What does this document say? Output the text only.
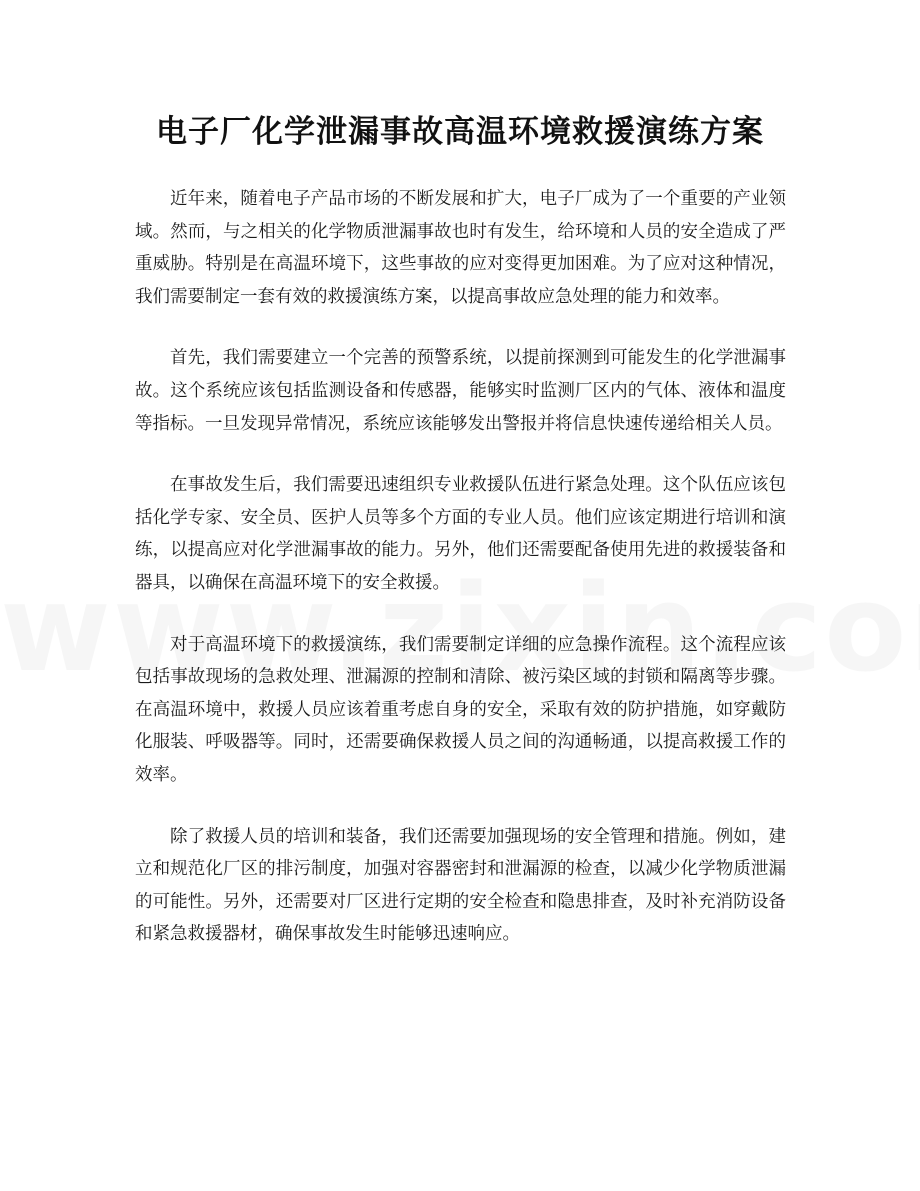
电子厂化学泄漏事故高温环境救援演练方案

近年来，随着电子产品市场的不断发展和扩大，电子厂成为了一个重要的产业领域。然而，与之相关的化学物质泄漏事故也时有发生，给环境和人员的安全造成了严重威胁。特别是在高温环境下，这些事故的应对变得更加困难。为了应对这种情况，我们需要制定一套有效的救援演练方案，以提高事故应急处理的能力和效率。

首先，我们需要建立一个完善的预警系统，以提前探测到可能发生的化学泄漏事故。这个系统应该包括监测设备和传感器，能够实时监测厂区内的气体、液体和温度等指标。一旦发现异常情况，系统应该能够发出警报并将信息快速传递给相关人员。

在事故发生后，我们需要迅速组织专业救援队伍进行紧急处理。这个队伍应该包括化学专家、安全员、医护人员等多个方面的专业人员。他们应该定期进行培训和演练，以提高应对化学泄漏事故的能力。另外，他们还需要配备使用先进的救援装备和器具，以确保在高温环境下的安全救援。

对于高温环境下的救援演练，我们需要制定详细的应急操作流程。这个流程应该包括事故现场的急救处理、泄漏源的控制和清除、被污染区域的封锁和隔离等步骤。在高温环境中，救援人员应该着重考虑自身的安全，采取有效的防护措施，如穿戴防化服装、呼吸器等。同时，还需要确保救援人员之间的沟通畅通，以提高救援工作的效率。

除了救援人员的培训和装备，我们还需要加强现场的安全管理和措施。例如，建立和规范化厂区的排污制度，加强对容器密封和泄漏源的检查，以减少化学物质泄漏的可能性。另外，还需要对厂区进行定期的安全检查和隐患排查，及时补充消防设备和紧急救援器材，确保事故发生时能够迅速响应。
